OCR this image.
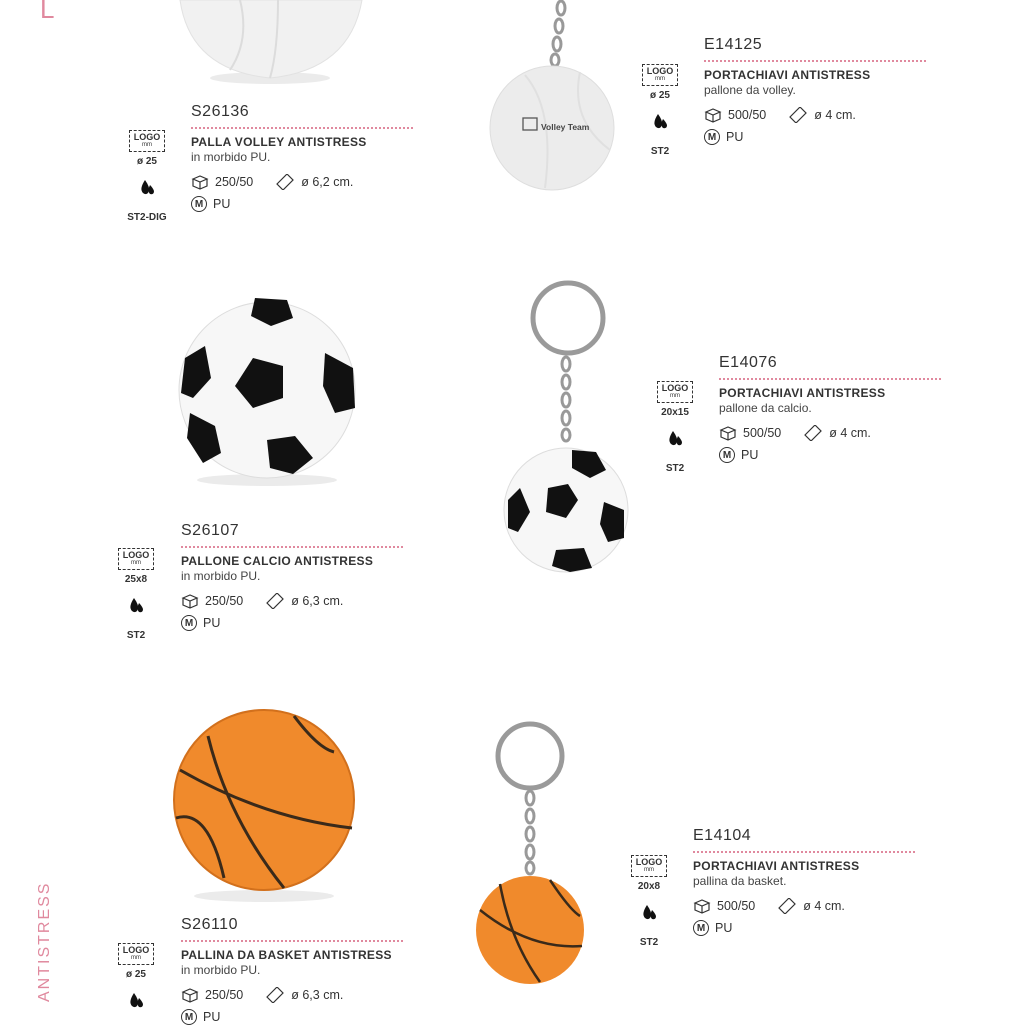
L
ANTISTRESS
Volley Team
LOGO
mm
ø 25
ST2-DIG
LOGO
mm
ø 25
ST2
LOGO
mm
25x8
ST2
LOGO
mm
20x15
ST2
LOGO
mm
ø 25
LOGO
mm
20x8
ST2
S26136
PALLA VOLLEY ANTISTRESS
in morbido PU.
250/50	ø 6,2 cm.
M PU
E14125
PORTACHIAVI ANTISTRESS
pallone da volley.
500/50	ø 4 cm.
M PU
S26107
PALLONE CALCIO ANTISTRESS
in morbido PU.
250/50	ø 6,3 cm.
M PU
E14076
PORTACHIAVI ANTISTRESS
pallone da calcio.
500/50	ø 4 cm.
M PU
S26110
PALLINA DA BASKET ANTISTRESS
in morbido PU.
250/50	ø 6,3 cm.
M PU
E14104
PORTACHIAVI ANTISTRESS
pallina da basket.
500/50	ø 4 cm.
M PU
